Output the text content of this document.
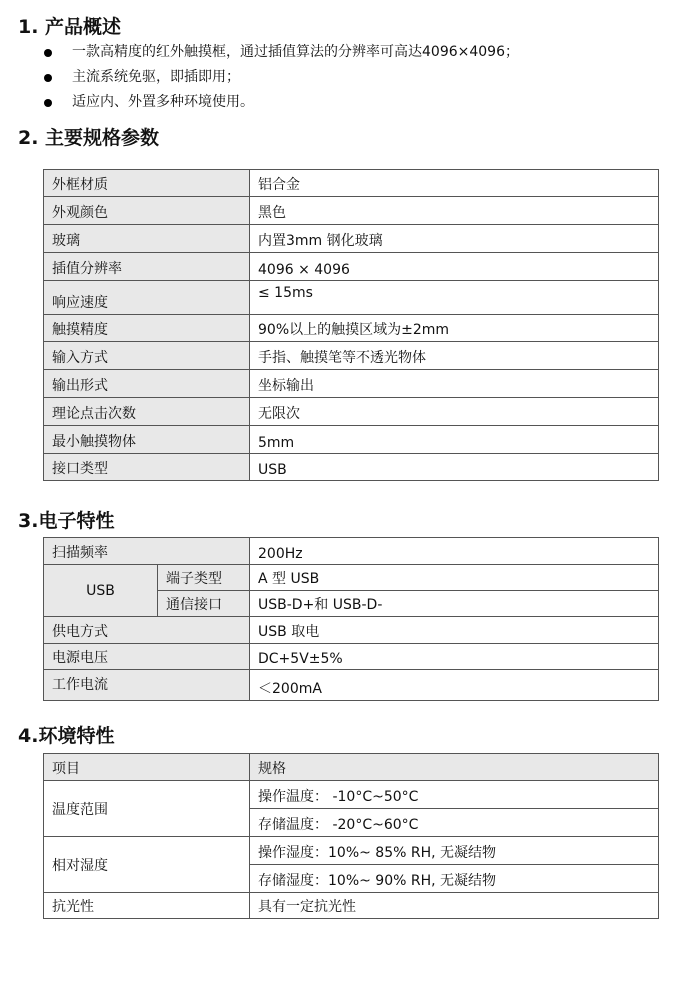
1. 产品概述
一款高精度的红外触摸框，通过插值算法的分辨率可高达4096×4096；
主流系统免驱，即插即用；
适应内、外置多种环境使用。
2. 主要规格参数
外框材质	铝合金
外观颜色	黑色
玻璃	内置3mm 钢化玻璃
插值分辨率	4096 × 4096
响应速度	≤ 15ms
触摸精度	90%以上的触摸区域为±2mm
输入方式	手指、触摸笔等不透光物体
输出形式	坐标输出
理论点击次数	无限次
最小触摸物体	5mm
接口类型	USB
3.电子特性
扫描频率		200Hz
USB	端子类型	A 型 USB
	通信接口	USB-D+和 USB-D-
供电方式		USB 取电
电源电压		DC+5V±5%
工作电流		＜200mA
4.环境特性
项目	规格
温度范围	操作温度： -10°C~50°C
	存储温度： -20°C~60°C
相对湿度	操作湿度：10%~ 85% RH, 无凝结物
	存储湿度：10%~ 90% RH, 无凝结物
抗光性	具有一定抗光性
